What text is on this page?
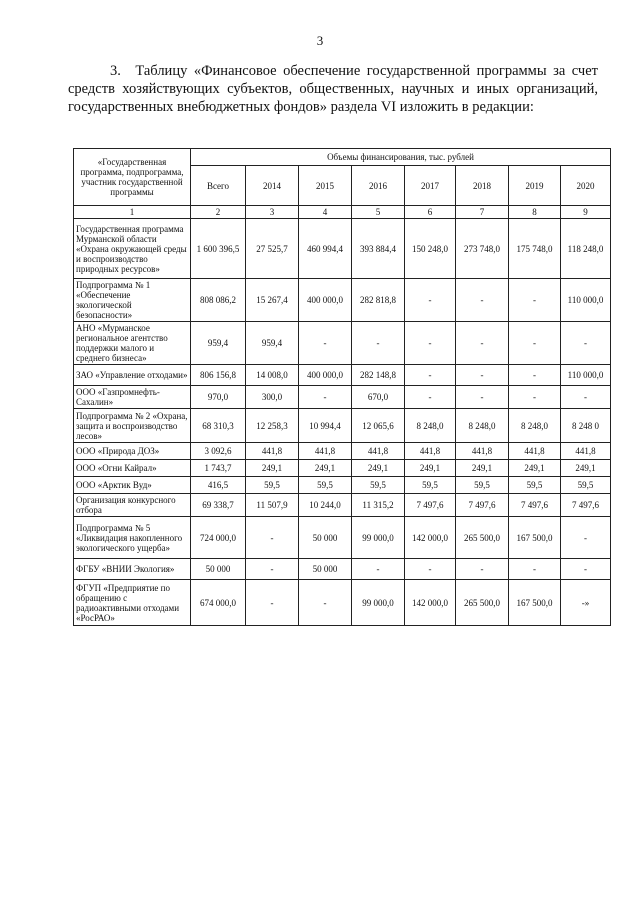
3

3. Таблицу «Финансовое обеспечение государственной программы за счет средств хозяйствующих субъектов, общественных, научных и иных организаций, государственных внебюджетных фондов» раздела VI изложить в редакции:

«Государственная программа, подпрограмма, участник государственной программы	Объемы финансирования, тыс. рублей							
	Всего	2014	2015	2016	2017	2018	2019	2020
1	2	3	4	5	6	7	8	9
Государственная программа Мурманской области «Охрана окружающей среды и воспроизводство природных ресурсов»	1 600 396,5	27 525,7	460 994,4	393 884,4	150 248,0	273 748,0	175 748,0	118 248,0
Подпрограмма № 1 «Обеспечение экологической безопасности»	808 086,2	15 267,4	400 000,0	282 818,8	-	-	-	110 000,0
АНО «Мурманское региональное агентство поддержки малого и среднего бизнеса»	959,4	959,4	-	-	-	-	-	-
ЗАО «Управление отходами»	806 156,8	14 008,0	400 000,0	282 148,8	-	-	-	110 000,0
ООО «Газпромнефть-Сахалин»	970,0	300,0	-	670,0	-	-	-	-
Подпрограмма № 2 «Охрана, защита и воспроизводство лесов»	68 310,3	12 258,3	10 994,4	12 065,6	8 248,0	8 248,0	8 248,0	8 248 0
ООО «Природа ДОЗ»	3 092,6	441,8	441,8	441,8	441,8	441,8	441,8	441,8
ООО «Огни Кайрал»	1 743,7	249,1	249,1	249,1	249,1	249,1	249,1	249,1
ООО «Арктик Вуд»	416,5	59,5	59,5	59,5	59,5	59,5	59,5	59,5
Организация конкурсного отбора	69 338,7	11 507,9	10 244,0	11 315,2	7 497,6	7 497,6	7 497,6	7 497,6
Подпрограмма № 5 «Ликвидация накопленного экологического ущерба»	724 000,0	-	50 000	99 000,0	142 000,0	265 500,0	167 500,0	-
ФГБУ «ВНИИ Экология»	50 000	-	50 000	-	-	-	-	-
ФГУП «Предприятие по обращению с радиоактивными отходами «РосРАО»	674 000,0	-	-	99 000,0	142 000,0	265 500,0	167 500,0	-»
